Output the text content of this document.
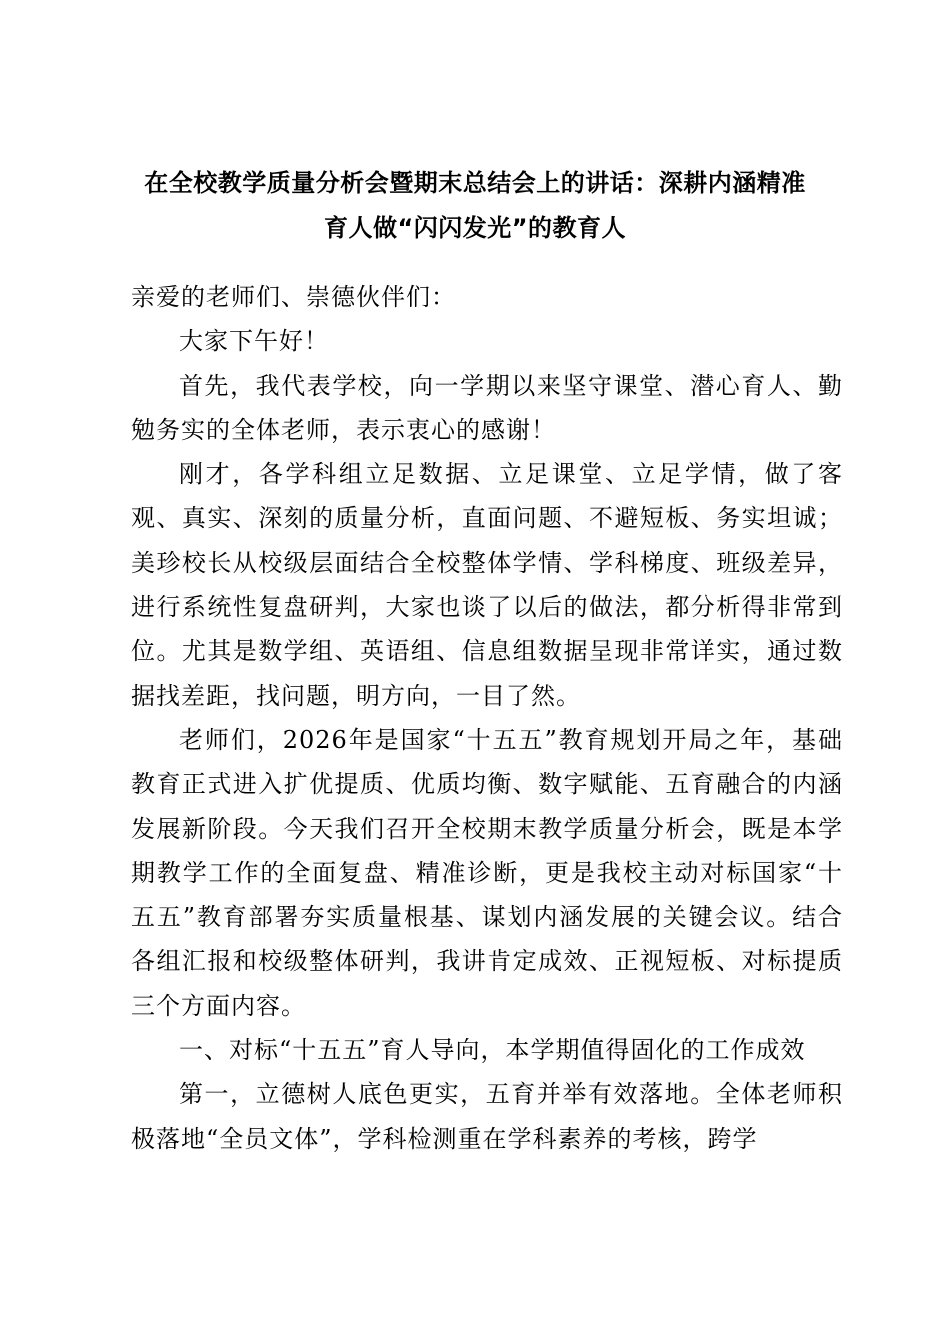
在全校教学质量分析会暨期末总结会上的讲话：深耕内涵精准
育人做“闪闪发光”的教育人

亲爱的老师们、崇德伙伴们：

大家下午好！

首先，我代表学校，向一学期以来坚守课堂、潜心育人、勤勉务实的全体老师，表示衷心的感谢！

刚才，各学科组立足数据、立足课堂、立足学情，做了客观、真实、深刻的质量分析，直面问题、不避短板、务实坦诚；美珍校长从校级层面结合全校整体学情、学科梯度、班级差异，进行系统性复盘研判，大家也谈了以后的做法，都分析得非常到位。尤其是数学组、英语组、信息组数据呈现非常详实，通过数据找差距，找问题，明方向，一目了然。

老师们，2026年是国家“十五五”教育规划开局之年，基础教育正式进入扩优提质、优质均衡、数字赋能、五育融合的内涵发展新阶段。今天我们召开全校期末教学质量分析会，既是本学期教学工作的全面复盘、精准诊断，更是我校主动对标国家“十五五”教育部署夯实质量根基、谋划内涵发展的关键会议。结合各组汇报和校级整体研判，我讲肯定成效、正视短板、对标提质三个方面内容。

一、对标“十五五”育人导向，本学期值得固化的工作成效

第一，立德树人底色更实，五育并举有效落地。全体老师积极落地“全员文体”，学科检测重在学科素养的考核，跨学
